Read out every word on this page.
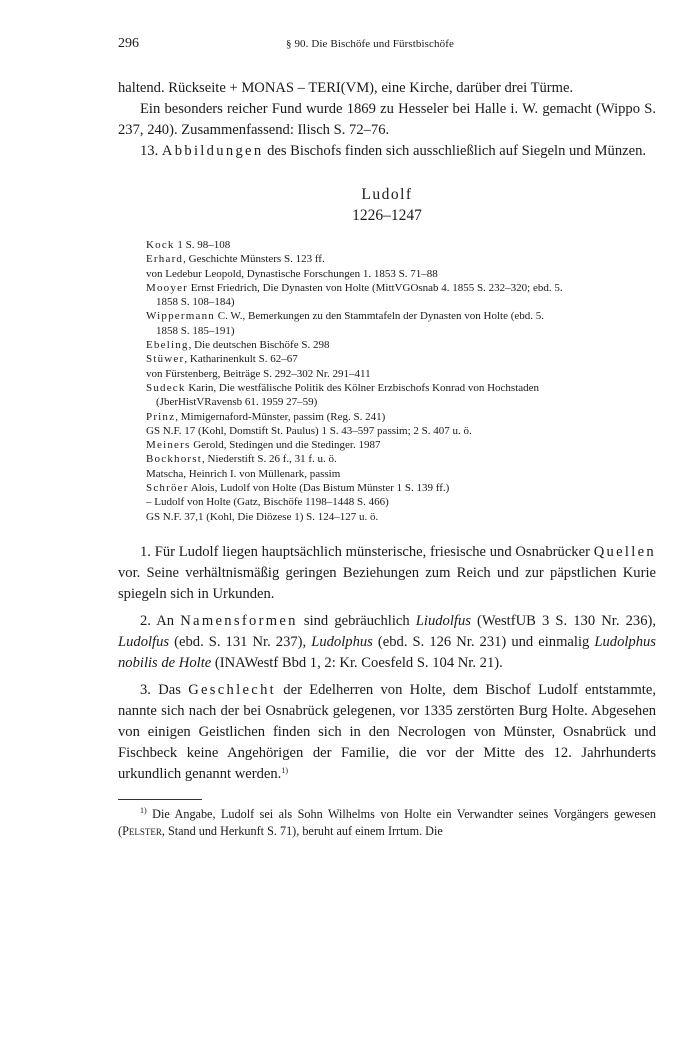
296	§ 90. Die Bischöfe und Fürstbischöfe

haltend. Rückseite + MONAS – TERI(VM), eine Kirche, darüber drei Türme.

Ein besonders reicher Fund wurde 1869 zu Hesseler bei Halle i. W. gemacht (Wippo S. 237, 240). Zusammenfassend: Ilisch S. 72–76.

13. Abbildungen des Bischofs finden sich ausschließlich auf Siegeln und Münzen.

Ludolf
1226–1247
Kock 1 S. 98–108
Erhard, Geschichte Münsters S. 123 ff.
von Ledebur Leopold, Dynastische Forschungen 1. 1853 S. 71–88
Mooyer Ernst Friedrich, Die Dynasten von Holte (MittVGOsnab 4. 1855 S. 232–320; ebd. 5.
1858 S. 108–184)
Wippermann C. W., Bemerkungen zu den Stammtafeln der Dynasten von Holte (ebd. 5.
1858 S. 185–191)
Ebeling, Die deutschen Bischöfe S. 298
Stüwer, Katharinenkult S. 62–67
von Fürstenberg, Beiträge S. 292–302 Nr. 291–411
Sudeck Karin, Die westfälische Politik des Kölner Erzbischofs Konrad von Hochstaden
(JberHistVRavensb 61. 1959 27–59)
Prinz, Mimigernaford-Münster, passim (Reg. S. 241)
GS N.F. 17 (Kohl, Domstift St. Paulus) 1 S. 43–597 passim; 2 S. 407 u. ö.
Meiners Gerold, Stedingen und die Stedinger. 1987
Bockhorst, Niederstift S. 26 f., 31 f. u. ö.
Matscha, Heinrich I. von Müllenark, passim
Schröer Alois, Ludolf von Holte (Das Bistum Münster 1 S. 139 ff.)
– Ludolf von Holte (Gatz, Bischöfe 1198–1448 S. 466)
GS N.F. 37,1 (Kohl, Die Diözese 1) S. 124–127 u. ö.

1. Für Ludolf liegen hauptsächlich münsterische, friesische und Osnabrücker Quellen vor. Seine verhältnismäßig geringen Beziehungen zum Reich und zur päpstlichen Kurie spiegeln sich in Urkunden.

2. An Namensformen sind gebräuchlich Liudolfus (WestfUB 3 S. 130 Nr. 236), Ludolfus (ebd. S. 131 Nr. 237), Ludolphus (ebd. S. 126 Nr. 231) und einmalig Ludolphus nobilis de Holte (INAWestf Bbd 1, 2: Kr. Coesfeld S. 104 Nr. 21).

3. Das Geschlecht der Edelherren von Holte, dem Bischof Ludolf entstammte, nannte sich nach der bei Osnabrück gelegenen, vor 1335 zerstörten Burg Holte. Abgesehen von einigen Geistlichen finden sich in den Necrologen von Münster, Osnabrück und Fischbeck keine Angehörigen der Familie, die vor der Mitte des 12. Jahrhunderts urkundlich genannt werden.$^{1)}$

$^{1)}$ Die Angabe, Ludolf sei als Sohn Wilhelms von Holte ein Verwandter seines Vorgängers gewesen (Pelster, Stand und Herkunft S. 71), beruht auf einem Irrtum. Die
